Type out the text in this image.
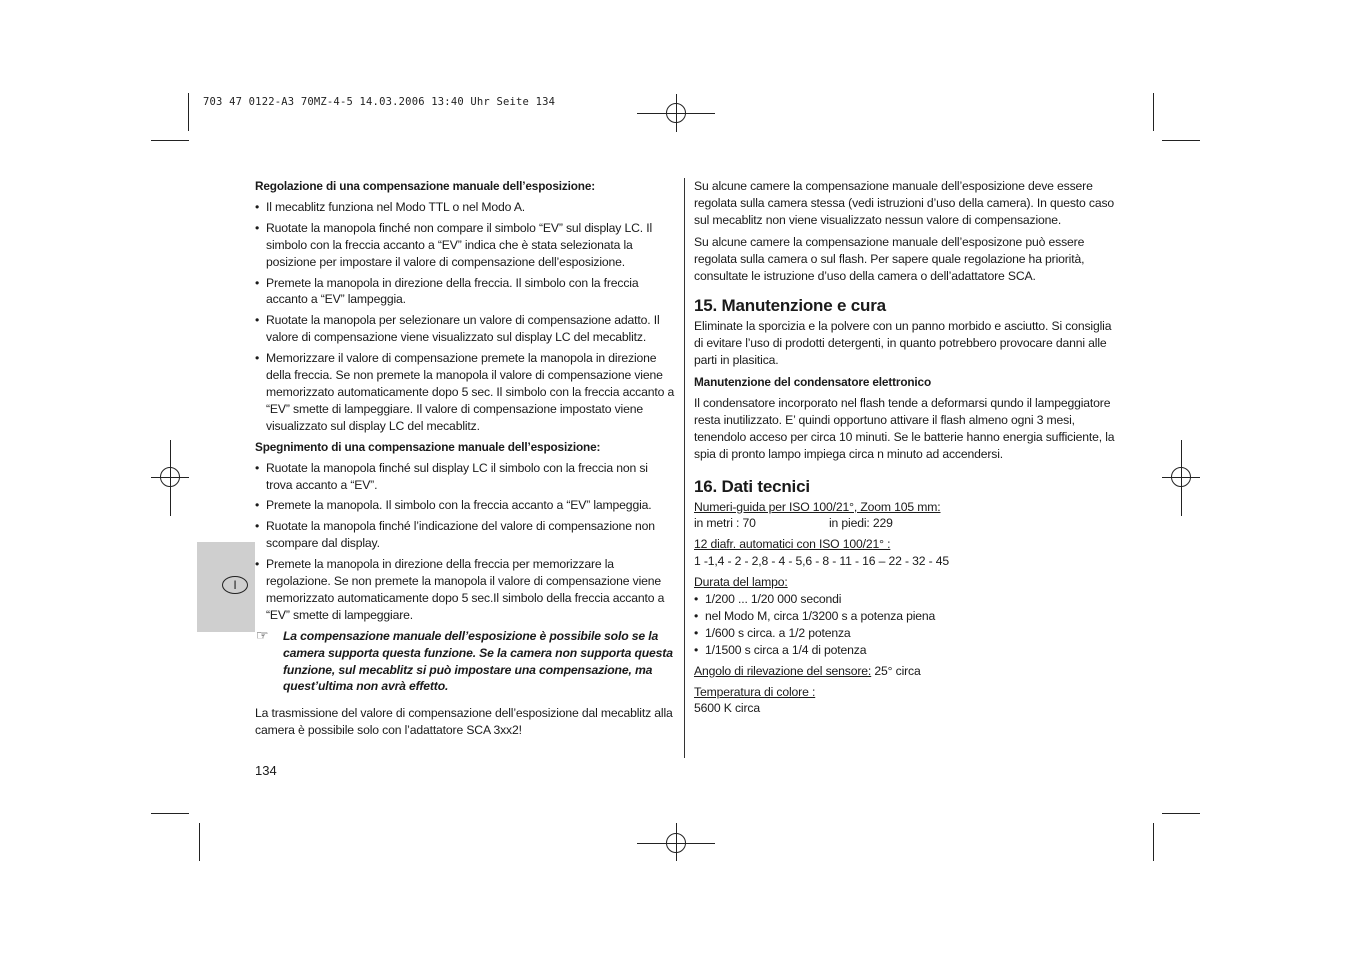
703 47 0122-A3 70MZ-4-5 14.03.2006 13:40 Uhr Seite 134
I
Regolazione di una compensazione manuale dell’esposizione:
• Il mecablitz funziona nel Modo TTL o nel Modo A.
• Ruotate la manopola finché non compare il simbolo “EV” sul display LC. Il simbolo con la freccia accanto a “EV” indica che è stata selezionata la posizione per impostare il valore di compensazione dell’esposizione.
• Premete la manopola in direzione della freccia. Il simbolo con la freccia accanto a “EV” lampeggia.
• Ruotate la manopola per selezionare un valore di compensazione adatto. Il valore di compensazione viene visualizzato sul display LC del mecablitz.
• Memorizzare il valore di compensazione premete la manopola in direzione della freccia. Se non premete la manopola il valore di compensazione viene memorizzato automaticamente dopo 5 sec. Il simbolo con la freccia accanto a “EV” smette di lampeggiare. Il valore di compensazione impostato viene visualizzato sul display LC del mecablitz.
Spegnimento di una compensazione manuale dell’esposizione:
• Ruotate la manopola finché sul display LC il simbolo con la freccia non si trova accanto a “EV”.
• Premete la manopola. Il simbolo con la freccia accanto a “EV” lampeggia.
• Ruotate la manopola finché l’indicazione del valore di compensazione non scompare dal display.
• Premete la manopola in direzione della freccia per memorizzare la regolazione. Se non premete la manopola il valore di compensazione viene memorizzato automaticamente dopo 5 sec.Il simbolo della freccia accanto a “EV” smette di lampeggiare.
☞ La compensazione manuale dell’esposizione è possibile solo se la camera supporta questa funzione. Se la camera non supporta questa funzione, sul mecablitz si può impostare una compensazione, ma quest’ultima non avrà effetto.

La trasmissione del valore di compensazione dell’esposizione dal mecablitz alla camera è possibile solo con l’adattatore SCA 3xx2!

134

Su alcune camere la compensazione manuale dell’esposizione deve essere regolata sulla camera stessa (vedi istruzioni d’uso della camera). In questo caso sul mecablitz non viene visualizzato nessun valore di compensazione.

Su alcune camere la compensazione manuale dell’esposizone può essere regolata sulla camera o sul flash. Per sapere quale regolazione ha priorità, consultate le istruzione d’uso della camera o dell’adattatore SCA.

15. Manutenzione e cura

Eliminate la sporcizia e la polvere con un panno morbido e asciutto. Si consiglia di evitare l’uso di prodotti detergenti, in quanto potrebbero provocare danni alle parti in plasitica.

Manutenzione del condensatore elettronico

Il condensatore incorporato nel flash tende a deformarsi qundo il lampeggiatore resta inutilizzato. E’ quindi opportuno attivare il flash almeno ogni 3 mesi, tenendolo acceso per circa 10 minuti. Se le batterie hanno energia sufficiente, la spia di pronto lampo impiega circa n minuto ad accendersi.

16. Dati tecnici
Numeri-guida per ISO 100/21°, Zoom 105 mm:
in metri : 70	in piedi: 229
12 diafr. automatici con ISO 100/21° :
1 -1,4 - 2 - 2,8 - 4 - 5,6 - 8 - 11 - 16 – 22 - 32 - 45
Durata del lampo:
• 1/200 ... 1/20 000 secondi
• nel Modo M, circa 1/3200 s a potenza piena
• 1/600 s circa. a 1/2 potenza
• 1/1500 s circa a 1/4 di potenza
Angolo di rilevazione del sensore: 25° circa
Temperatura di colore :
5600 K circa
